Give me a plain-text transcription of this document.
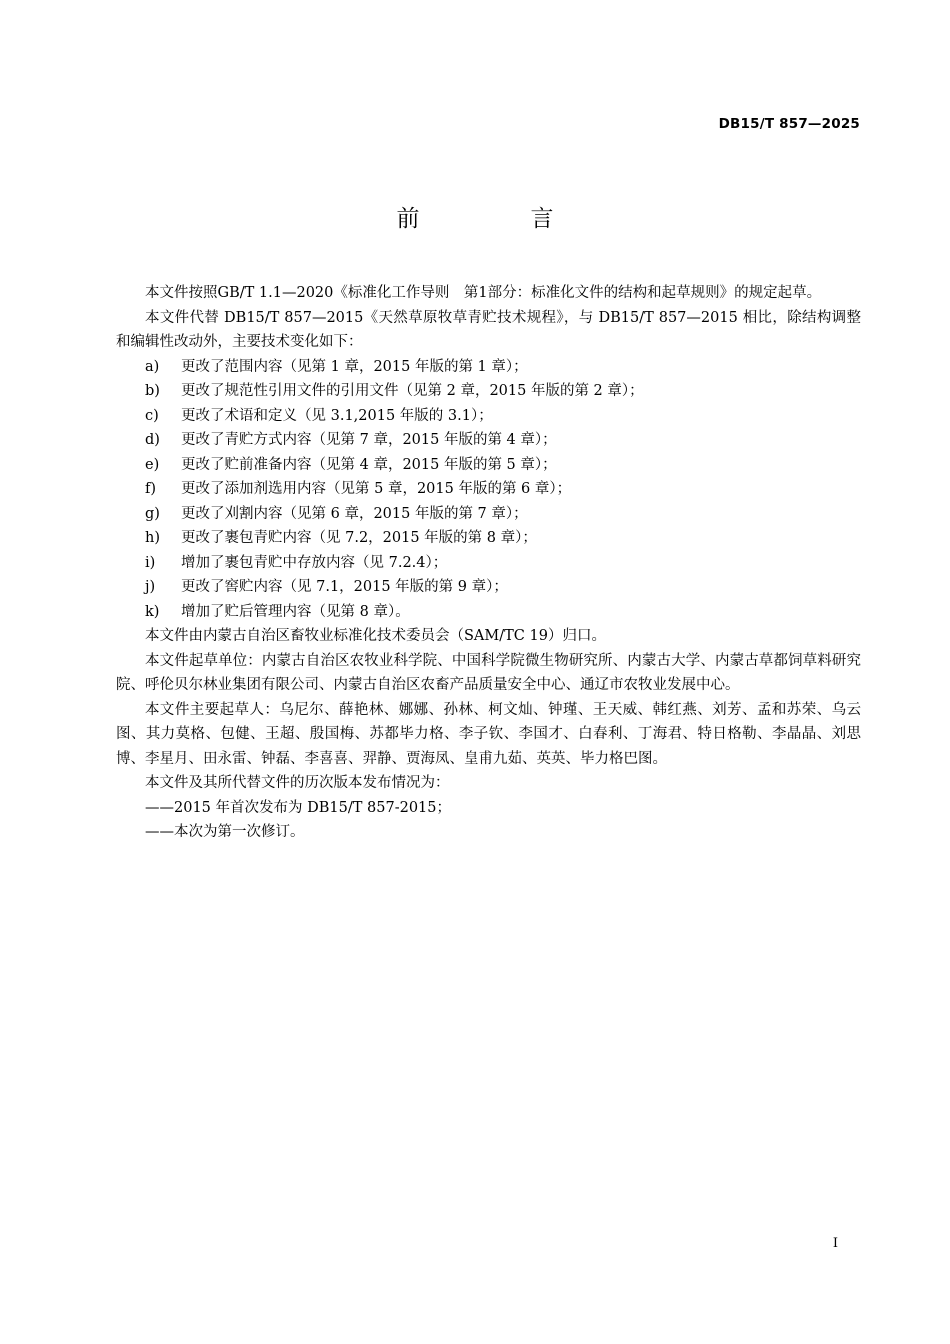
DB15/T 857—2025
前　言

本文件按照GB/T 1.1—2020《标准化工作导则　第1部分：标准化文件的结构和起草规则》的规定起草。

本文件代替 DB15/T 857—2015《天然草原牧草青贮技术规程》，与 DB15/T 857—2015 相比，除结构调整和编辑性改动外，主要技术变化如下：

a) 更改了范围内容（见第 1 章，2015 年版的第 1 章）；
b) 更改了规范性引用文件的引用文件（见第 2 章，2015 年版的第 2 章）；
c) 更改了术语和定义（见 3.1,2015 年版的 3.1）；
d) 更改了青贮方式内容（见第 7 章，2015 年版的第 4 章）；
e) 更改了贮前准备内容（见第 4 章，2015 年版的第 5 章）；
f) 更改了添加剂选用内容（见第 5 章，2015 年版的第 6 章）；
g) 更改了刈割内容（见第 6 章，2015 年版的第 7 章）；
h) 更改了裹包青贮内容（见 7.2，2015 年版的第 8 章）；
i) 增加了裹包青贮中存放内容（见 7.2.4）；
j) 更改了窖贮内容（见 7.1，2015 年版的第 9 章）；
k) 增加了贮后管理内容（见第 8 章）。

本文件由内蒙古自治区畜牧业标准化技术委员会（SAM/TC 19）归口。

本文件起草单位：内蒙古自治区农牧业科学院、中国科学院微生物研究所、内蒙古大学、内蒙古草都饲草料研究院、呼伦贝尔林业集团有限公司、内蒙古自治区农畜产品质量安全中心、通辽市农牧业发展中心。

本文件主要起草人：乌尼尔、薛艳林、娜娜、孙林、柯文灿、钟瑾、王天威、韩红燕、刘芳、孟和苏荣、乌云图、其力莫格、包健、王超、殷国梅、苏都毕力格、李子钦、李国才、白春利、丁海君、特日格勒、李晶晶、刘思博、李星月、田永雷、钟磊、李喜喜、羿静、贾海凤、皇甫九茹、英英、毕力格巴图。

本文件及其所代替文件的历次版本发布情况为：

——2015 年首次发布为 DB15/T 857-2015；
——本次为第一次修订。
I
